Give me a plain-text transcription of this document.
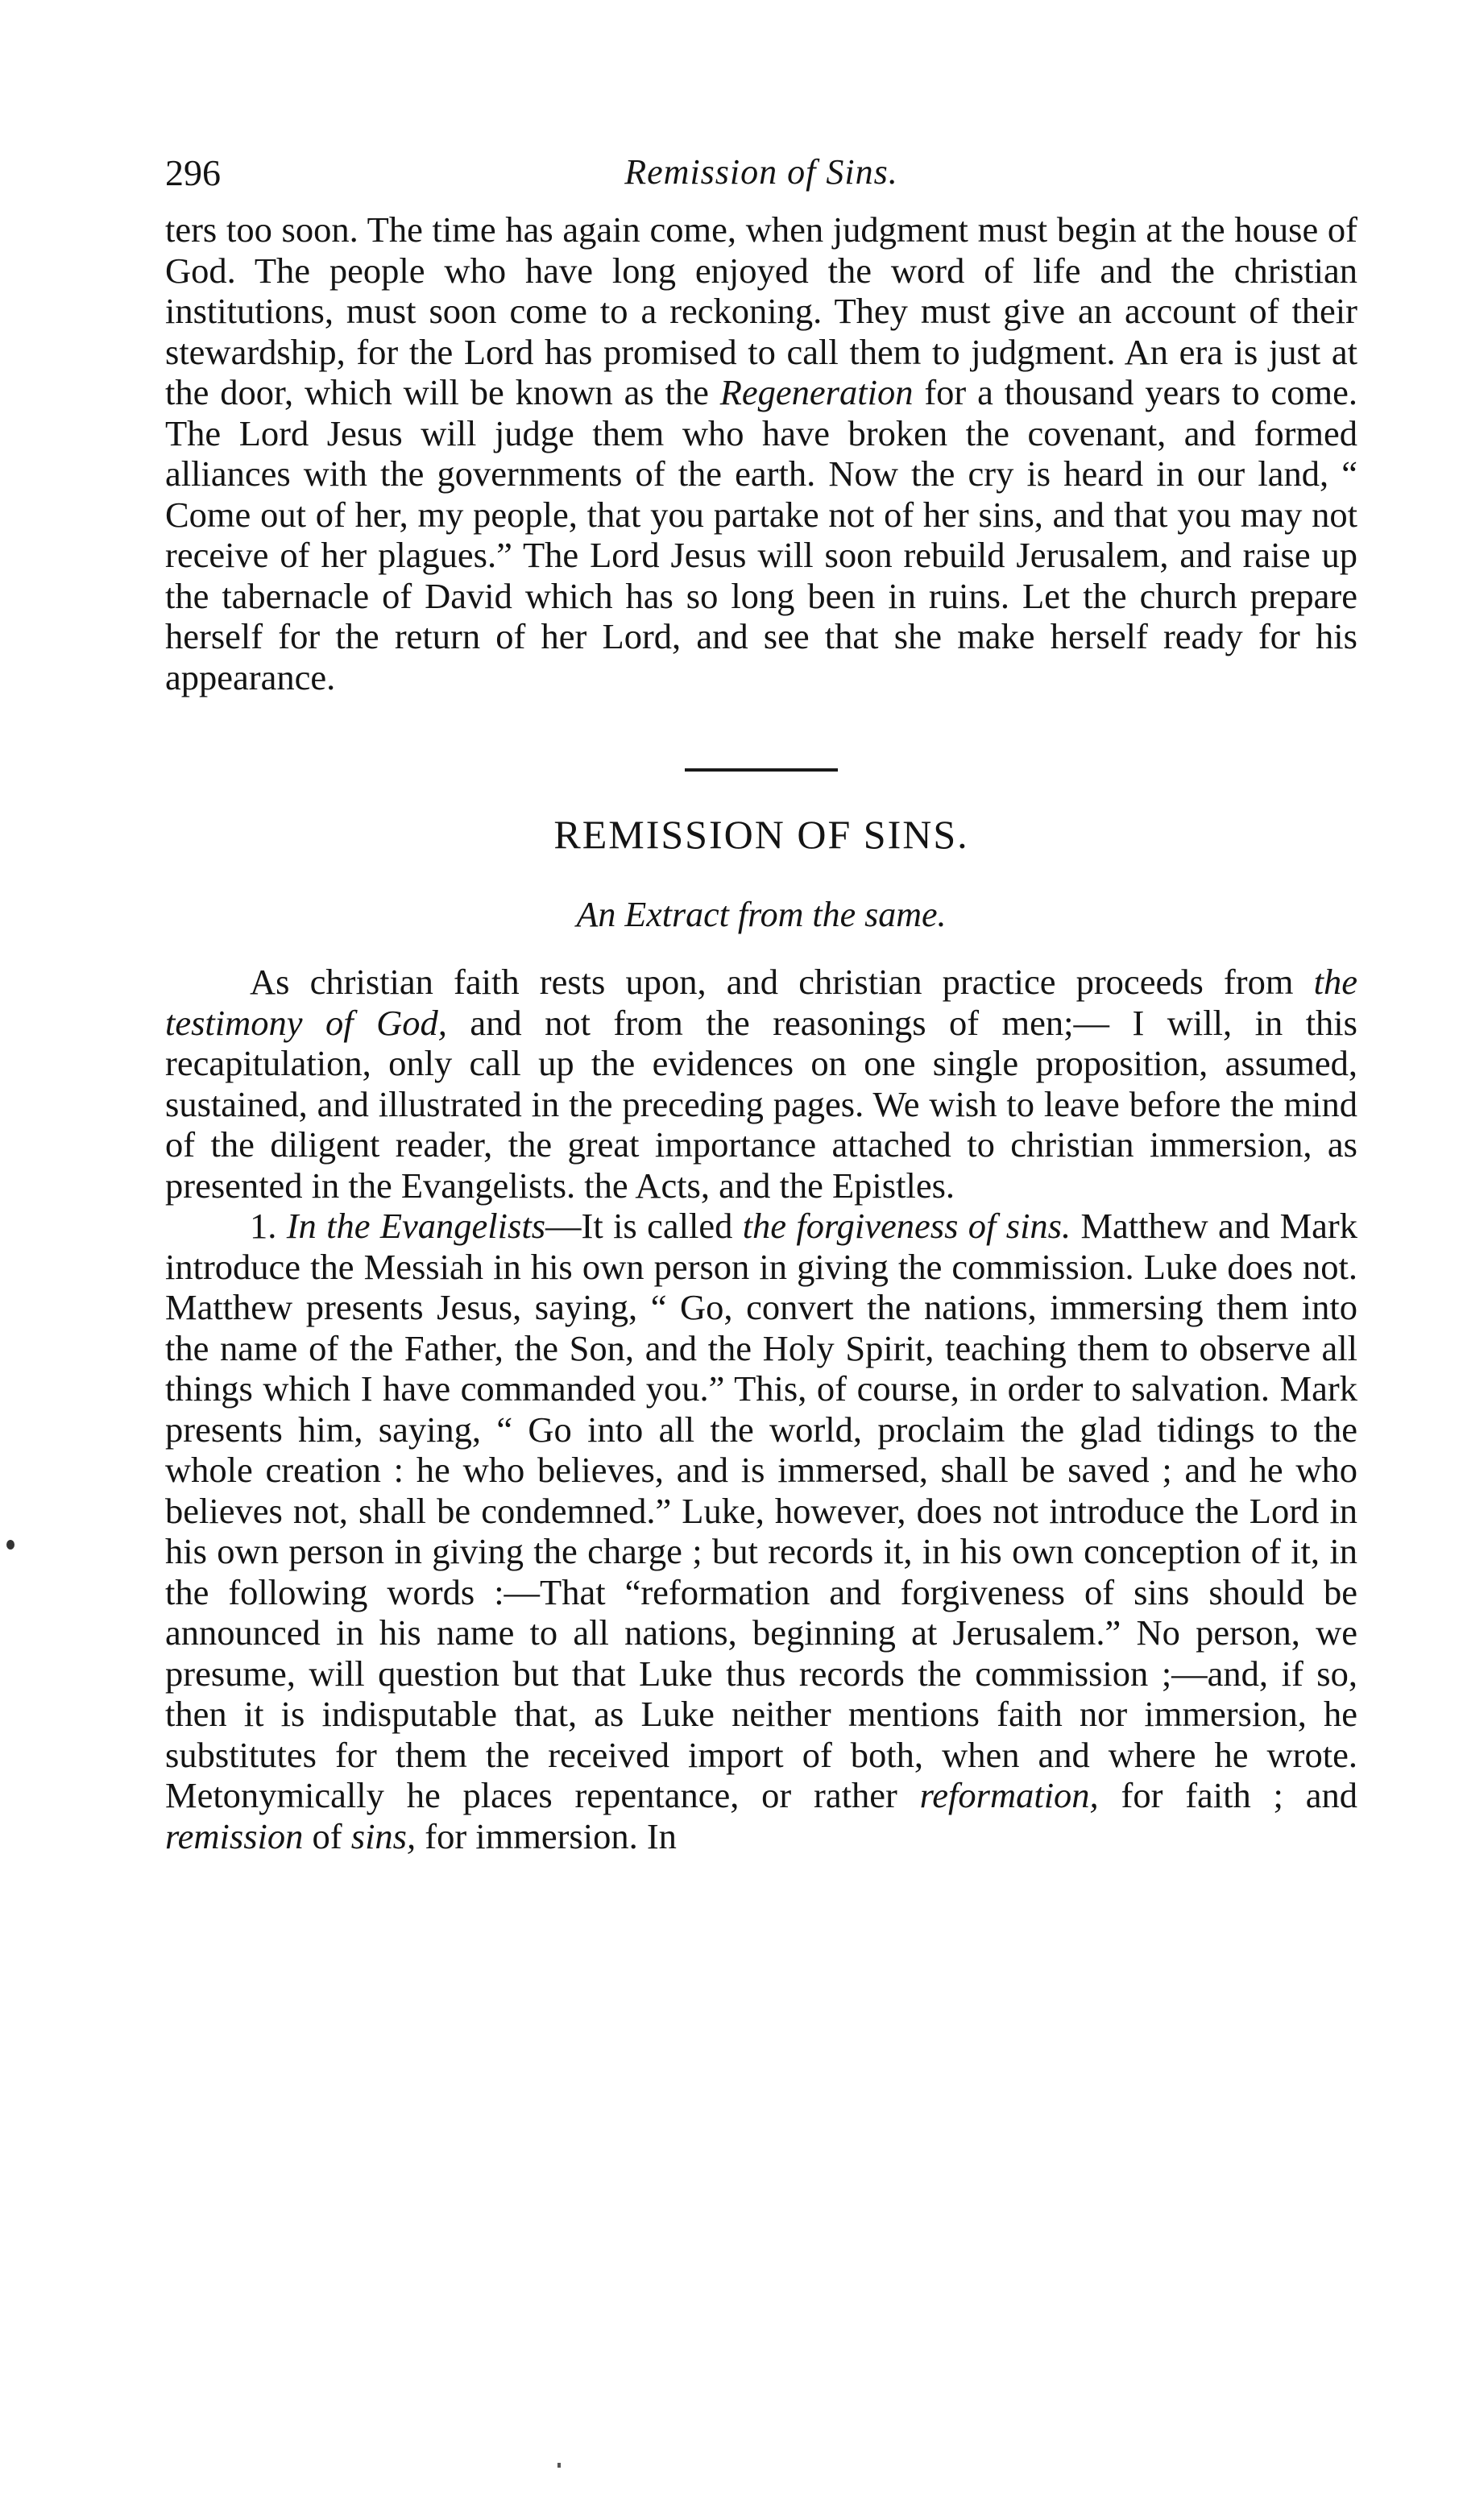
296	Remission of Sins.

ters too soon. The time has again come, when judgment must begin at the house of God. The people who have long enjoyed the word of life and the christian institutions, must soon come to a reckoning. They must give an account of their stewardship, for the Lord has promised to call them to judgment. An era is just at the door, which will be known as the Regeneration for a thousand years to come. The Lord Jesus will judge them who have broken the covenant, and formed alliances with the governments of the earth. Now the cry is heard in our land, “ Come out of her, my people, that you partake not of her sins, and that you may not receive of her plagues.” The Lord Jesus will soon rebuild Jerusalem, and raise up the tabernacle of David which has so long been in ruins. Let the church prepare herself for the return of her Lord, and see that she make herself ready for his appearance.

REMISSION OF SINS.
An Extract from the same.

As christian faith rests upon, and christian practice proceeds from the testimony of God, and not from the reasonings of men;— I will, in this recapitulation, only call up the evidences on one single proposition, assumed, sustained, and illustrated in the preceding pages. We wish to leave before the mind of the diligent reader, the great importance attached to christian immersion, as presented in the Evangelists. the Acts, and the Epistles.

1. In the Evangelists—It is called the forgiveness of sins. Matthew and Mark introduce the Messiah in his own person in giving the commission. Luke does not. Matthew presents Jesus, saying, “ Go, convert the nations, immersing them into the name of the Father, the Son, and the Holy Spirit, teaching them to observe all things which I have commanded you.” This, of course, in order to salvation. Mark presents him, saying, “ Go into all the world, proclaim the glad tidings to the whole creation : he who believes, and is immersed, shall be saved ; and he who believes not, shall be condemned.” Luke, however, does not introduce the Lord in his own person in giving the charge ; but records it, in his own conception of it, in the following words :—That “reformation and forgiveness of sins should be announced in his name to all nations, beginning at Jerusalem.” No person, we presume, will question but that Luke thus records the commission ;—and, if so, then it is indisputable that, as Luke neither mentions faith nor immersion, he substitutes for them the received import of both, when and where he wrote. Metonymically he places repentance, or rather reformation, for faith ; and remission of sins, for immersion. In
